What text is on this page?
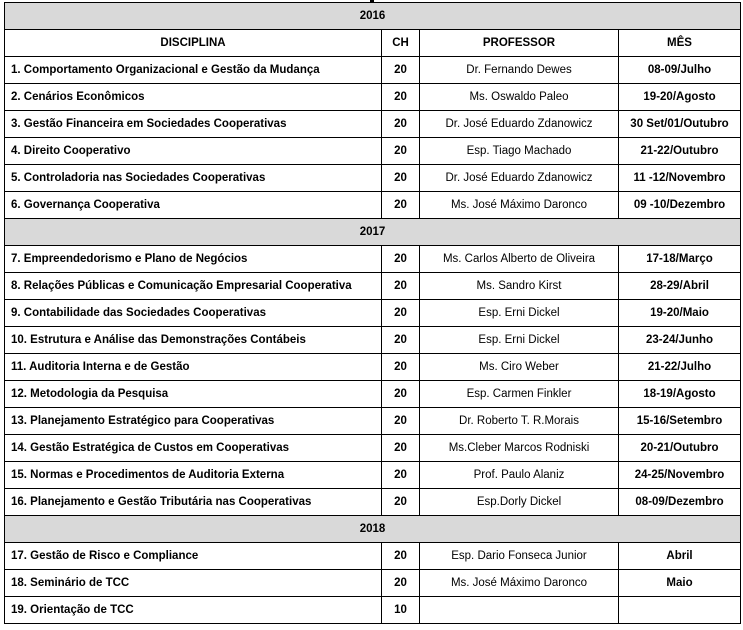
2016			
DISCIPLINA	CH	PROFESSOR	MÊS
1. Comportamento Organizacional e Gestão da Mudança	20	Dr. Fernando Dewes	08-09/Julho
2. Cenários Econômicos	20	Ms. Oswaldo Paleo	19-20/Agosto
3. Gestão Financeira em Sociedades Cooperativas	20	Dr. José Eduardo Zdanowicz	30 Set/01/Outubro
4. Direito Cooperativo	20	Esp. Tiago Machado	21-22/Outubro
5. Controladoria nas Sociedades Cooperativas	20	Dr. José Eduardo Zdanowicz	11 -12/Novembro
6. Governança Cooperativa	20	Ms. José Máximo Daronco	09 -10/Dezembro
2017			
7. Empreendedorismo e Plano de Negócios	20	Ms. Carlos Alberto de Oliveira	17-18/Março
8. Relações Públicas e Comunicação Empresarial Cooperativa	20	Ms. Sandro Kirst	28-29/Abril
9. Contabilidade das Sociedades Cooperativas	20	Esp. Erni Dickel	19-20/Maio
10. Estrutura e Análise das Demonstrações Contábeis	20	Esp. Erni Dickel	23-24/Junho
11. Auditoria Interna e de Gestão	20	Ms. Ciro Weber	21-22/Julho
12. Metodologia da Pesquisa	20	Esp. Carmen Finkler	18-19/Agosto
13. Planejamento Estratégico para Cooperativas	20	Dr. Roberto T. R.Morais	15-16/Setembro
14. Gestão Estratégica de Custos em Cooperativas	20	Ms.Cleber Marcos Rodniski	20-21/Outubro
15. Normas e Procedimentos de Auditoria Externa	20	Prof. Paulo Alaniz	24-25/Novembro
16. Planejamento e Gestão Tributária nas Cooperativas	20	Esp.Dorly Dickel	08-09/Dezembro
2018			
17. Gestão de Risco e Compliance	20	Esp. Dario Fonseca Junior	Abril
18. Seminário de TCC	20	Ms. José Máximo Daronco	Maio
19. Orientação de TCC	10		
